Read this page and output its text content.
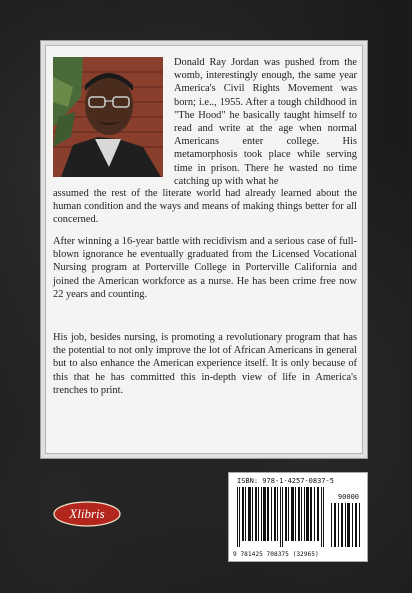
Donald Ray Jordan was pushed from the womb, interestingly enough, the same year America's Civil Rights Movement was born; i.e.., 1955. After a tough childhood in "The Hood" he basically taught himself to read and write at the age when normal Americans enter college. His metamorphosis took place while serving time in prison. There he wasted no time catching up with what he
assumed the rest of the literate world had already learned about the human condition and the ways and means of making things better for all concerned.
After winning a 16-year battle with recidivism and a serious case of full-blown ignorance he eventually graduated from the Licensed Vocational Nursing program at Porterville College in Porterville California and joined the American workforce as a nurse. He has been crime free now 22 years and counting.
His job, besides nursing, is promoting a revolutionary program that has the potential to not only improve the lot of African Americans in general but to also enhance the American experience itself. It is only because of this that he has committed this in-depth view of life in America's trenches to print.
Xlibris
ISBN: 978-1-4257-0837-5
90000
9 781425 708375 (32965)
